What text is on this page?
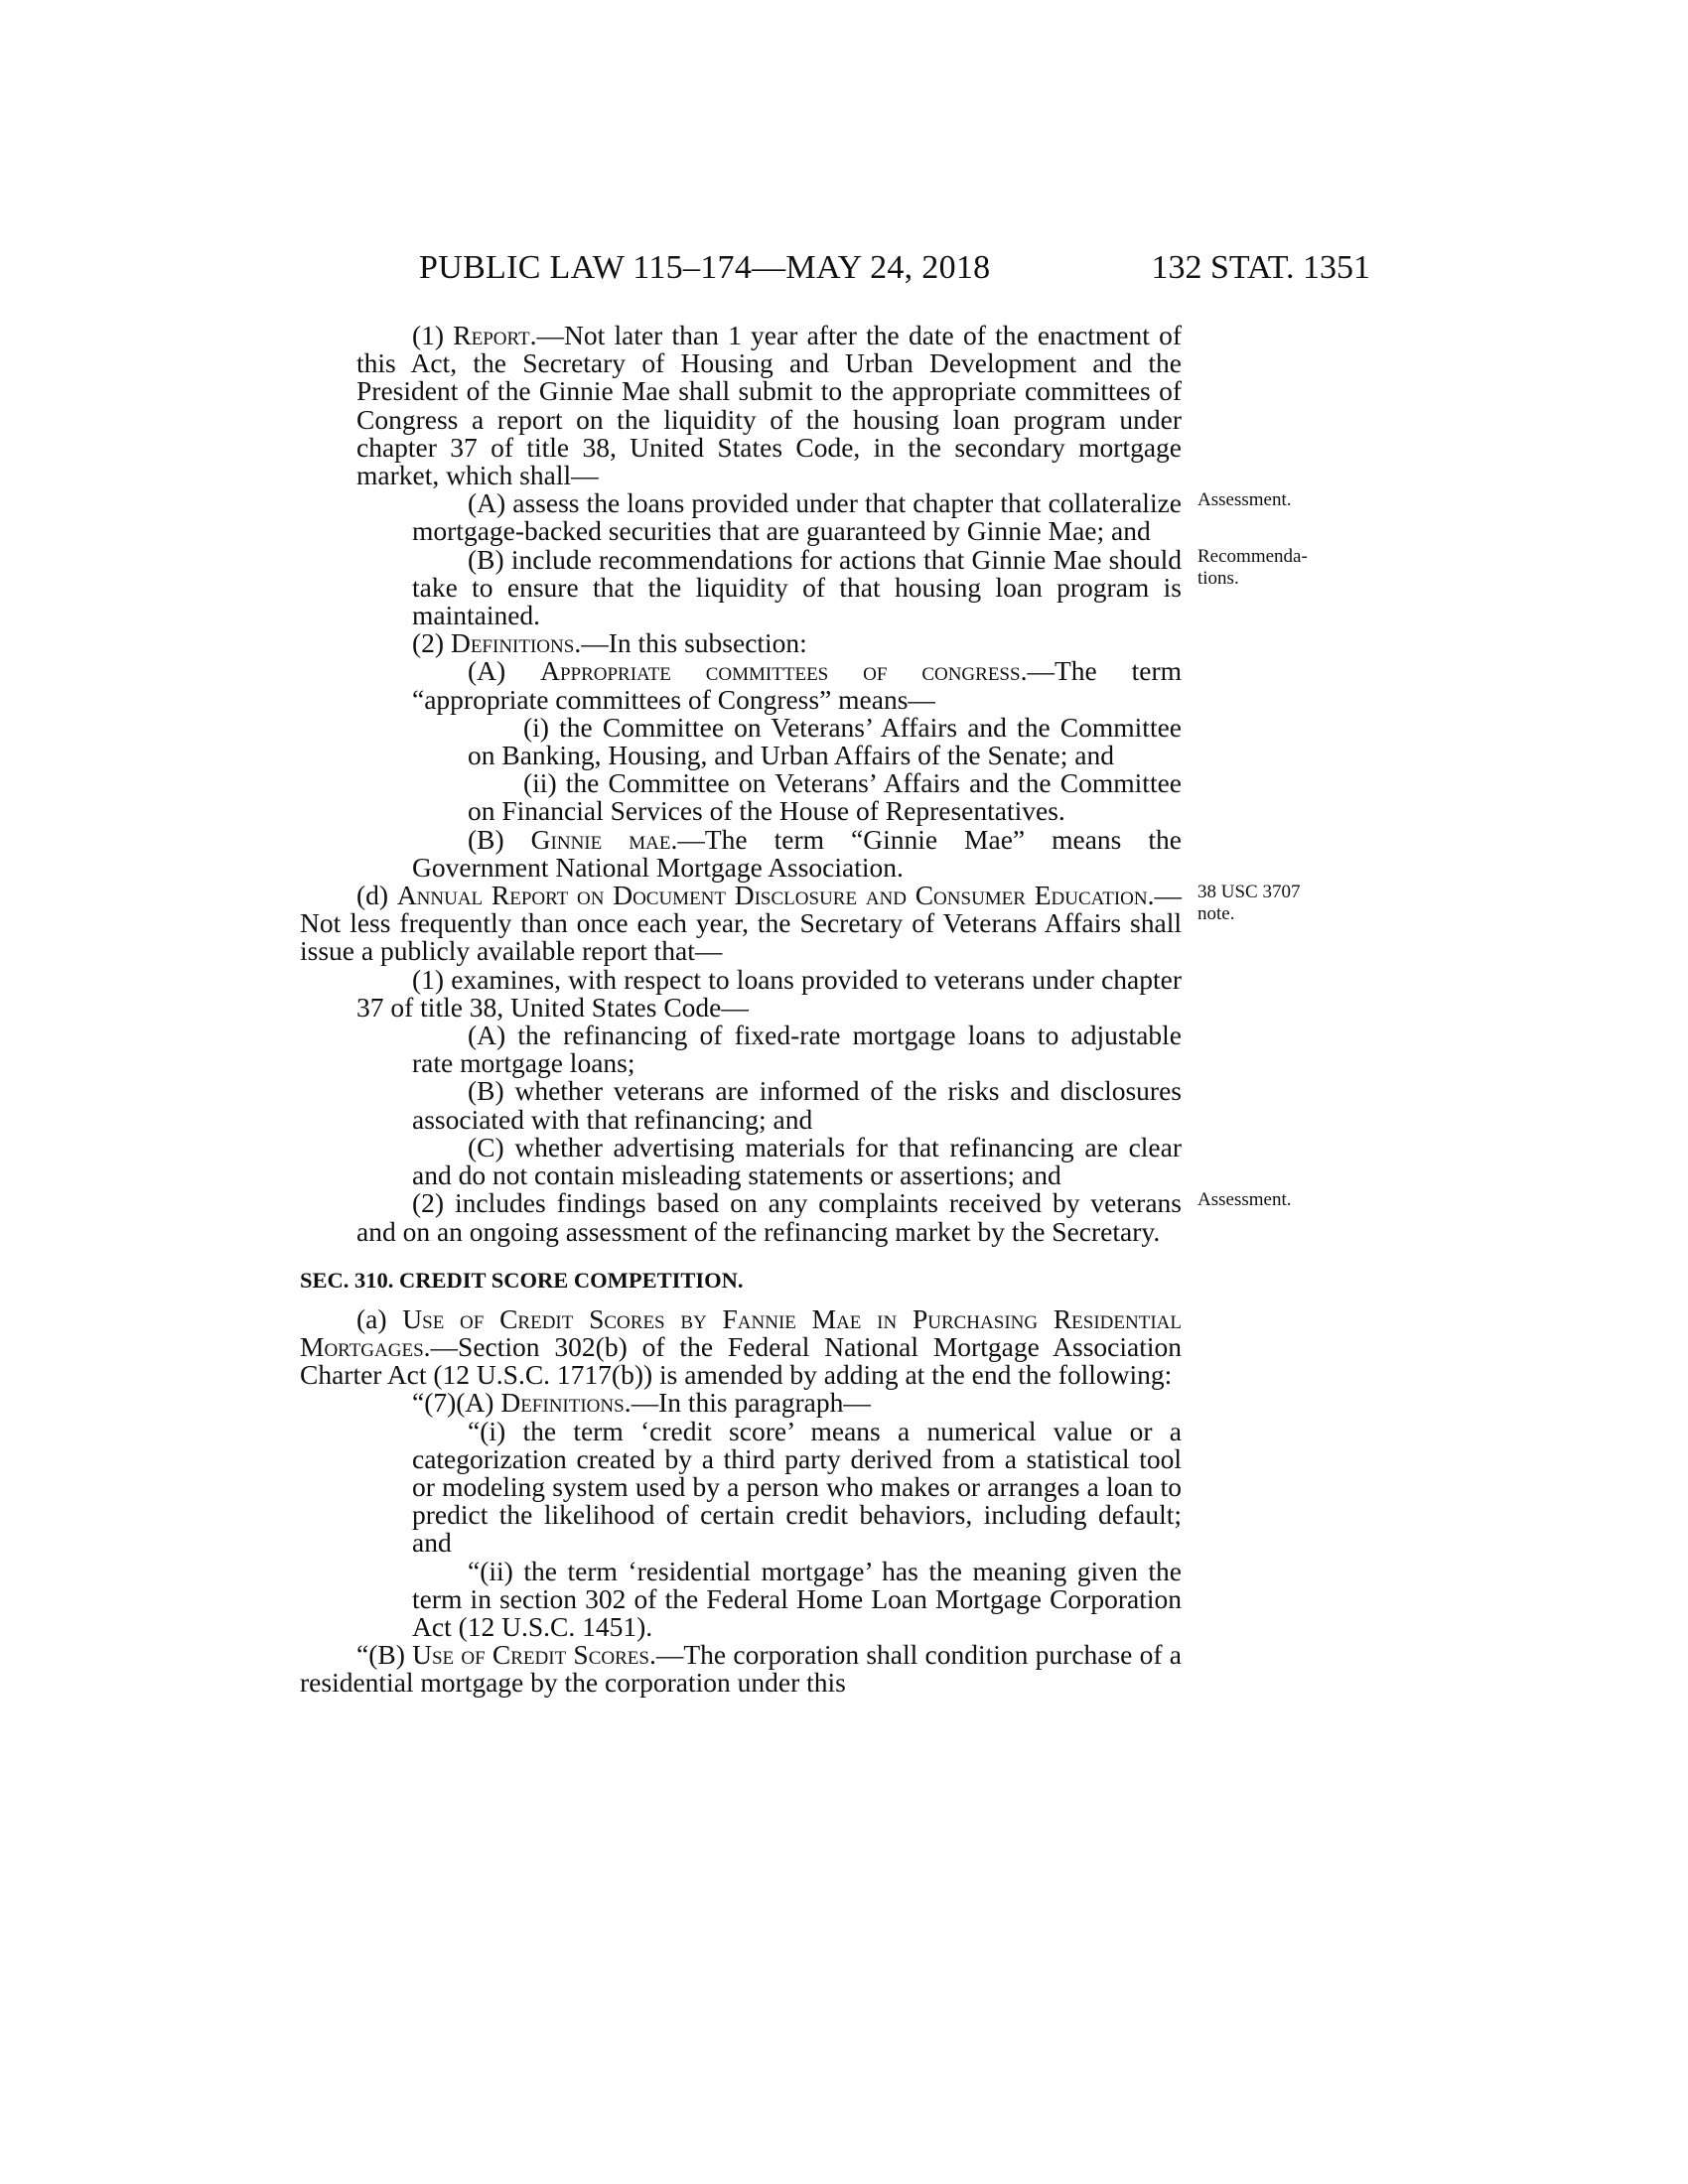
PUBLIC LAW 115–174—MAY 24, 2018	132 STAT. 1351

(1) Report.—Not later than 1 year after the date of the enactment of this Act, the Secretary of Housing and Urban Development and the President of the Ginnie Mae shall submit to the appropriate committees of Congress a report on the liquidity of the housing loan program under chapter 37 of title 38, United States Code, in the secondary mortgage market, which shall—

(A) assess the loans provided under that chapter that collateralize mortgage-backed securities that are guaranteed by Ginnie Mae; and
Assessment.

(B) include recommendations for actions that Ginnie Mae should take to ensure that the liquidity of that housing loan program is maintained.
Recommenda- tions.

(2) Definitions.—In this subsection:

(A) Appropriate committees of congress.—The term “appropriate committees of Congress” means—

(i) the Committee on Veterans’ Affairs and the Committee on Banking, Housing, and Urban Affairs of the Senate; and

(ii) the Committee on Veterans’ Affairs and the Committee on Financial Services of the House of Representatives.

(B) Ginnie mae.—The term “Ginnie Mae” means the Government National Mortgage Association.

(d) Annual Report on Document Disclosure and Consumer Education.—Not less frequently than once each year, the Secretary of Veterans Affairs shall issue a publicly available report that—
38 USC 3707 note.

(1) examines, with respect to loans provided to veterans under chapter 37 of title 38, United States Code—

(A) the refinancing of fixed-rate mortgage loans to adjustable rate mortgage loans;

(B) whether veterans are informed of the risks and disclosures associated with that refinancing; and

(C) whether advertising materials for that refinancing are clear and do not contain misleading statements or assertions; and

(2) includes findings based on any complaints received by veterans and on an ongoing assessment of the refinancing market by the Secretary.
Assessment.

SEC. 310. CREDIT SCORE COMPETITION.

(a) Use of Credit Scores by Fannie Mae in Purchasing Residential Mortgages.—Section 302(b) of the Federal National Mortgage Association Charter Act (12 U.S.C. 1717(b)) is amended by adding at the end the following:

“(7)(A) Definitions.—In this paragraph—

“(i) the term ‘credit score’ means a numerical value or a categorization created by a third party derived from a statistical tool or modeling system used by a person who makes or arranges a loan to predict the likelihood of certain credit behaviors, including default; and

“(ii) the term ‘residential mortgage’ has the meaning given the term in section 302 of the Federal Home Loan Mortgage Corporation Act (12 U.S.C. 1451).

“(B) Use of Credit Scores.—The corporation shall condition purchase of a residential mortgage by the corporation under this
